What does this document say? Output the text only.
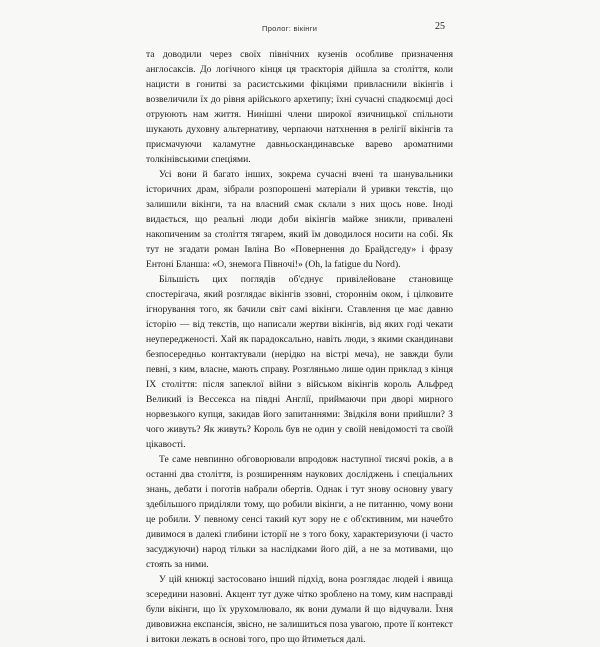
Пролог: вікінги	25

та доводили через своїх північних кузенів особливе призначення англосаксів. До логічного кінця ця траєкторія дійшла за століття, коли нацисти в гонитві за расистськими фікціями привласнили вікінгів і возвеличили їх до рівня арійського архетипу; їхні сучасні спадкоємці досі отруюють нам життя. Нинішні члени широкої язичницької спільноти шукають духовну альтернативу, черпаючи натхнення в релігії вікінгів та присмачуючи каламутне давньоскандинавське варево ароматними толкінівськими спеціями.

Усі вони й багато інших, зокрема сучасні вчені та шанувальники історичних драм, зібрали розпорошені матеріали й уривки текстів, що залишили вікінги, та на власний смак склали з них щось нове. Іноді видається, що реальні люди доби вікінгів майже зникли, привалені накопиченим за століття тягарем, який їм доводилося носити на собі. Як тут не згадати роман Івліна Во «Повернення до Брайдсгеду» і фразу Ентоні Бланша: «О, знемога Півночі!» (Oh, la fatigue du Nord).

Більшість цих поглядів об'єднує привілейоване становище спостерігача, який розглядає вікінгів ззовні, стороннім оком, і цілковите ігнорування того, як бачили світ самі вікінги. Ставлення це має давню історію — від текстів, що написали жертви вікінгів, від яких годі чекати неупередженості. Хай як парадоксально, навіть люди, з якими скандинави безпосередньо контактували (нерідко на вістрі меча), не завжди були певні, з ким, власне, мають справу. Розгляньмо лише один приклад з кінця IX століття: після запеклої війни з військом вікінгів король Альфред Великий із Вессекса на півдні Англії, приймаючи при дворі мирного норвезького купця, закидав його запитаннями: Звідкіля вони прийшли? З чого живуть? Як живуть? Король був не один у своїй невідомості та своїй цікавості.

Те саме невпинно обговорювали впродовж наступної тисячі років, а в останні два століття, із розширенням наукових досліджень і спеціальних знань, дебати і поготів набрали обертів. Однак і тут знову основну увагу здебільшого приділяли тому, що робили вікінги, а не питанню, чому вони це робили. У певному сенсі такий кут зору не є об'єктивним, ми начебто дивимося в далекі глибини історії не з того боку, характеризуючи (і часто засуджуючи) народ тільки за наслідками його дій, а не за мотивами, що стоять за ними.

У цій книжці застосовано інший підхід, вона розглядає людей і явища зсередини назовні. Акцент тут дуже чітко зроблено на тому, ким насправді були вікінги, що їх урухомлювало, як вони думали й що відчували. Їхня дивовижна експансія, звісно, не залишиться поза увагою, проте її контекст і витоки лежать в основі того, про що йтиметься далі.
